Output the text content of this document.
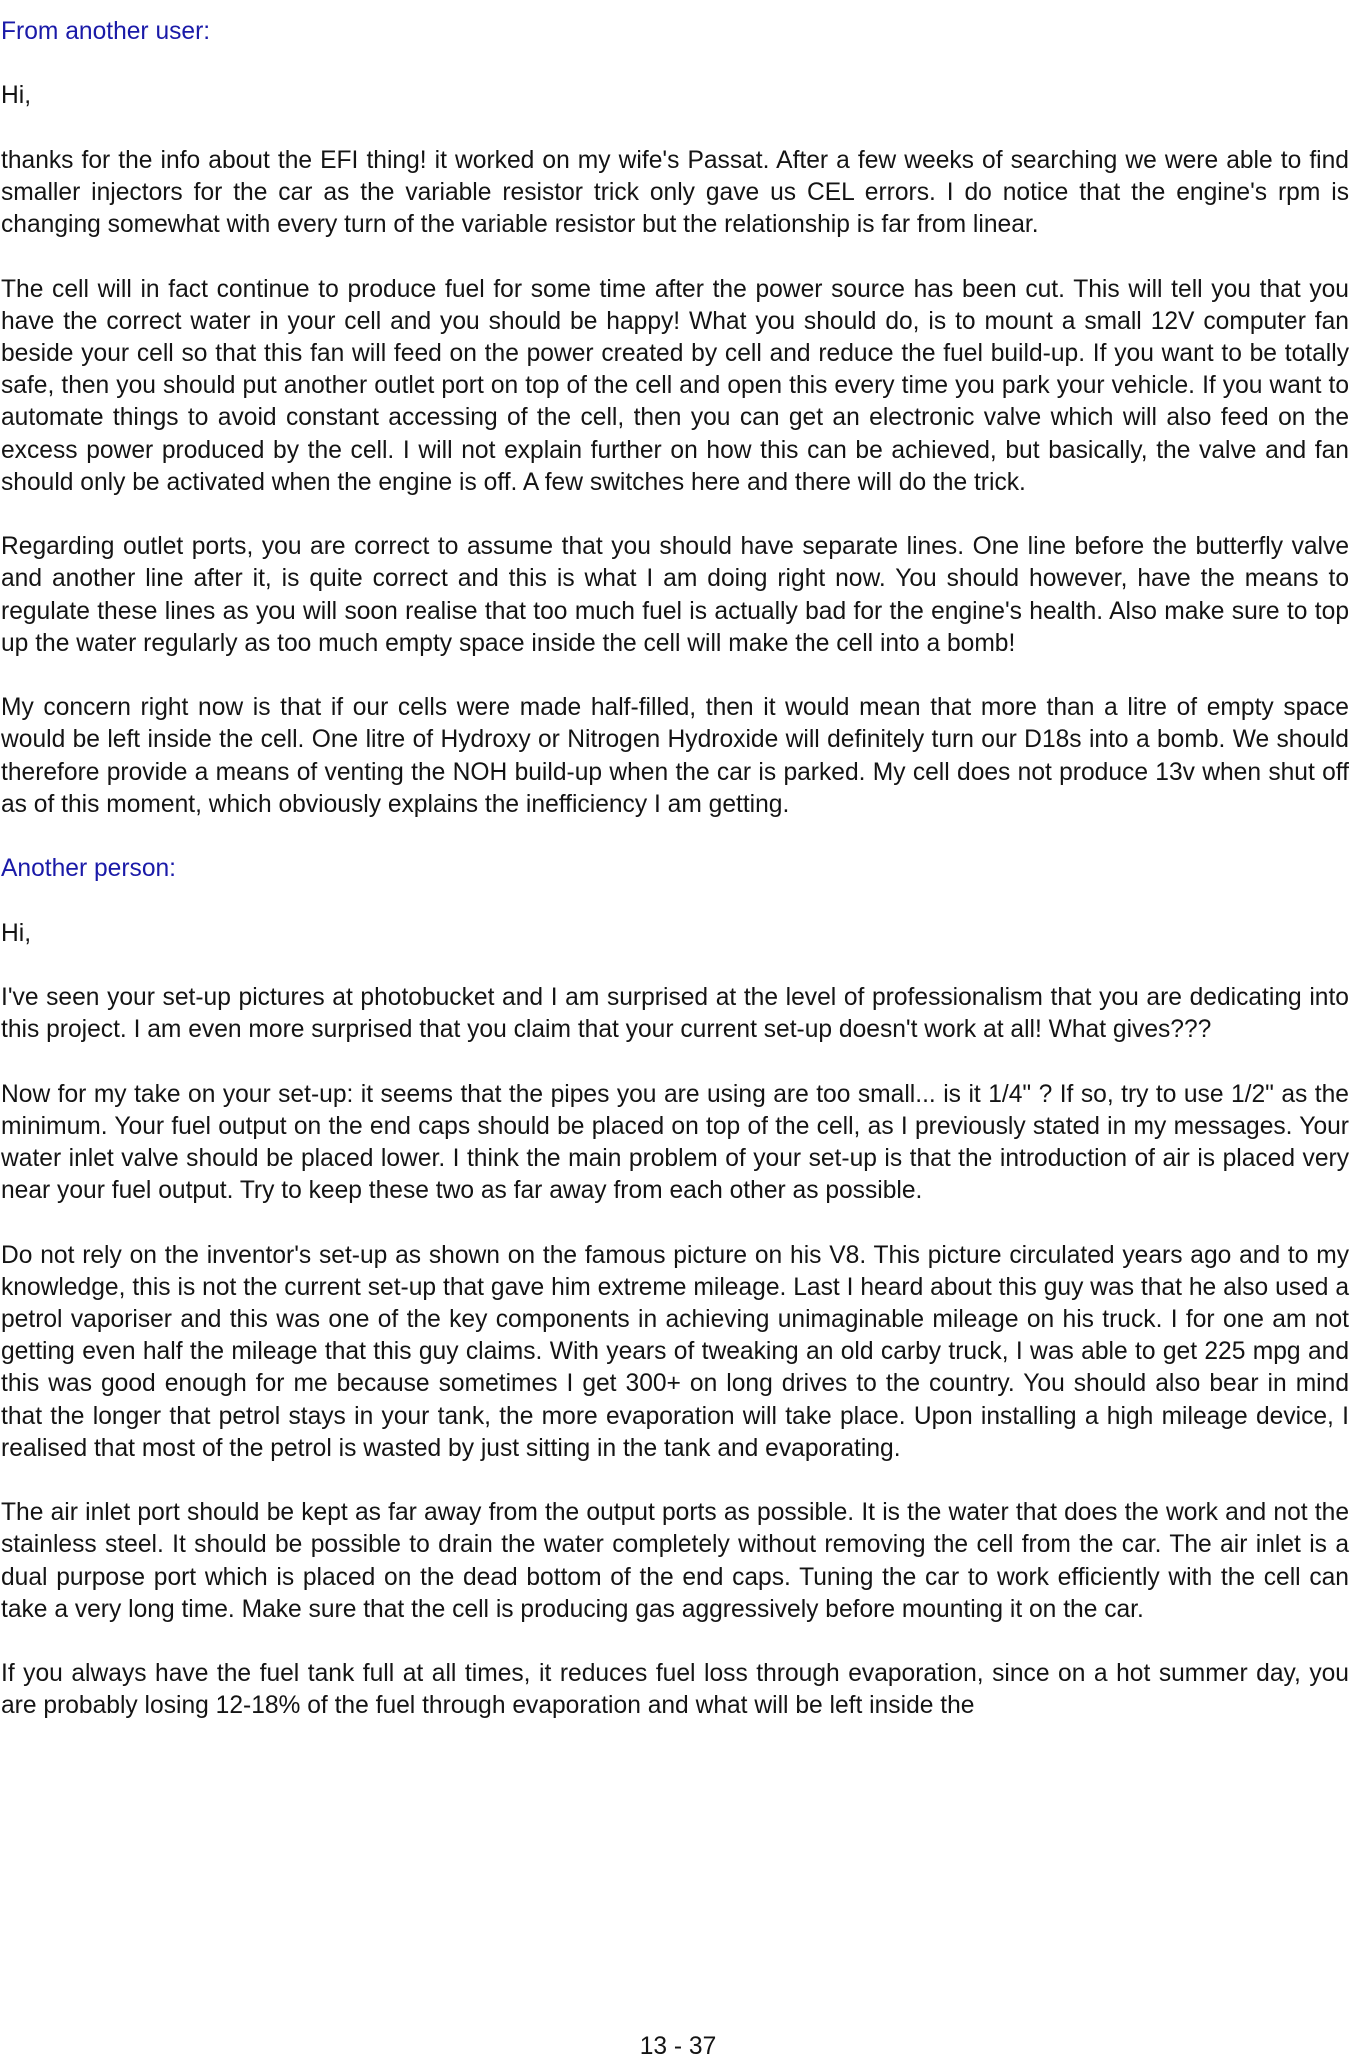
From another user:

Hi,

thanks for the info about the EFI thing! it worked on my wife's Passat. After a few weeks of searching we were able to find smaller injectors for the car as the variable resistor trick only gave us CEL errors. I do notice that the engine's rpm is changing somewhat with every turn of the variable resistor but the relationship is far from linear.

The cell will in fact continue to produce fuel for some time after the power source has been cut. This will tell you that you have the correct water in your cell and you should be happy! What you should do, is to mount a small 12V computer fan beside your cell so that this fan will feed on the power created by cell and reduce the fuel build-up. If you want to be totally safe, then you should put another outlet port on top of the cell and open this every time you park your vehicle. If you want to automate things to avoid constant accessing of the cell, then you can get an electronic valve which will also feed on the excess power produced by the cell. I will not explain further on how this can be achieved, but basically, the valve and fan should only be activated when the engine is off. A few switches here and there will do the trick.

Regarding outlet ports, you are correct to assume that you should have separate lines. One line before the butterfly valve and another line after it, is quite correct and this is what I am doing right now. You should however, have the means to regulate these lines as you will soon realise that too much fuel is actually bad for the engine's health. Also make sure to top up the water regularly as too much empty space inside the cell will make the cell into a bomb!

My concern right now is that if our cells were made half-filled, then it would mean that more than a litre of empty space would be left inside the cell. One litre of Hydroxy or Nitrogen Hydroxide will definitely turn our D18s into a bomb. We should therefore provide a means of venting the NOH build-up when the car is parked. My cell does not produce 13v when shut off as of this moment, which obviously explains the inefficiency I am getting.

Another person:

Hi,

I've seen your set-up pictures at photobucket and I am surprised at the level of professionalism that you are dedicating into this project. I am even more surprised that you claim that your current set-up doesn't work at all! What gives???

Now for my take on your set-up: it seems that the pipes you are using are too small... is it 1/4" ? If so, try to use 1/2" as the minimum. Your fuel output on the end caps should be placed on top of the cell, as I previously stated in my messages. Your water inlet valve should be placed lower. I think the main problem of your set-up is that the introduction of air is placed very near your fuel output. Try to keep these two as far away from each other as possible.

Do not rely on the inventor's set-up as shown on the famous picture on his V8. This picture circulated years ago and to my knowledge, this is not the current set-up that gave him extreme mileage. Last I heard about this guy was that he also used a petrol vaporiser and this was one of the key components in achieving unimaginable mileage on his truck. I for one am not getting even half the mileage that this guy claims. With years of tweaking an old carby truck, I was able to get 225 mpg and this was good enough for me because sometimes I get 300+ on long drives to the country. You should also bear in mind that the longer that petrol stays in your tank, the more evaporation will take place. Upon installing a high mileage device, I realised that most of the petrol is wasted by just sitting in the tank and evaporating.

The air inlet port should be kept as far away from the output ports as possible. It is the water that does the work and not the stainless steel. It should be possible to drain the water completely without removing the cell from the car. The air inlet is a dual purpose port which is placed on the dead bottom of the end caps. Tuning the car to work efficiently with the cell can take a very long time. Make sure that the cell is producing gas aggressively before mounting it on the car.

If you always have the fuel tank full at all times, it reduces fuel loss through evaporation, since on a hot summer day, you are probably losing 12-18% of the fuel through evaporation and what will be left inside the

13 - 37
